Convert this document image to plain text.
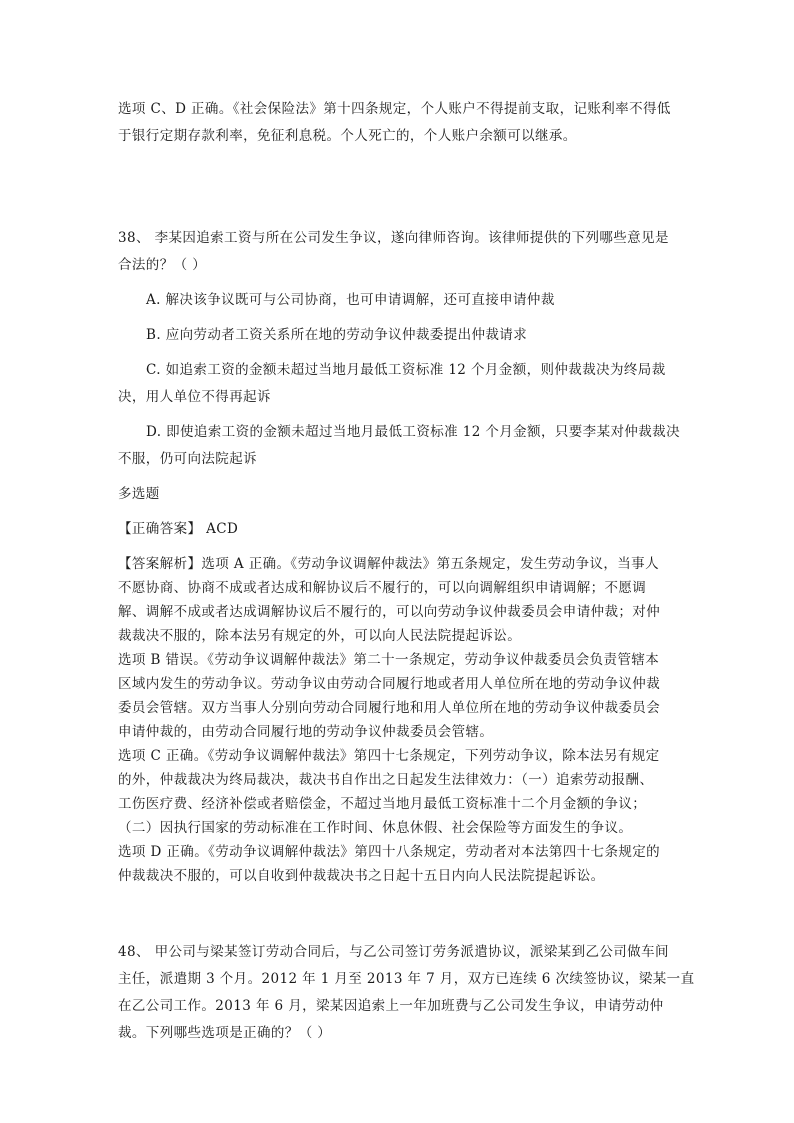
选项 C、D 正确。《社会保险法》第十四条规定，个人账户不得提前支取，记账利率不得低
于银行定期存款利率，免征利息税。个人死亡的，个人账户余额可以继承。
38、 李某因追索工资与所在公司发生争议，遂向律师咨询。该律师提供的下列哪些意见是
合法的？（ ）
A. 解决该争议既可与公司协商，也可申请调解，还可直接申请仲裁
B. 应向劳动者工资关系所在地的劳动争议仲裁委提出仲裁请求
C. 如追索工资的金额未超过当地月最低工资标准 12 个月金额，则仲裁裁决为终局裁
决，用人单位不得再起诉
D. 即使追索工资的金额未超过当地月最低工资标准 12 个月金额，只要李某对仲裁裁决
不服，仍可向法院起诉
多选题
【正确答案】 ACD
【答案解析】选项 A 正确。《劳动争议调解仲裁法》第五条规定，发生劳动争议，当事人
不愿协商、协商不成或者达成和解协议后不履行的，可以向调解组织申请调解；不愿调
解、调解不成或者达成调解协议后不履行的，可以向劳动争议仲裁委员会申请仲裁；对仲
裁裁决不服的，除本法另有规定的外，可以向人民法院提起诉讼。
选项 B 错误。《劳动争议调解仲裁法》第二十一条规定，劳动争议仲裁委员会负责管辖本
区域内发生的劳动争议。劳动争议由劳动合同履行地或者用人单位所在地的劳动争议仲裁
委员会管辖。双方当事人分别向劳动合同履行地和用人单位所在地的劳动争议仲裁委员会
申请仲裁的，由劳动合同履行地的劳动争议仲裁委员会管辖。
选项 C 正确。《劳动争议调解仲裁法》第四十七条规定，下列劳动争议，除本法另有规定
的外，仲裁裁决为终局裁决，裁决书自作出之日起发生法律效力：（一）追索劳动报酬、
工伤医疗费、经济补偿或者赔偿金，不超过当地月最低工资标准十二个月金额的争议；
（二）因执行国家的劳动标准在工作时间、休息休假、社会保险等方面发生的争议。
选项 D 正确。《劳动争议调解仲裁法》第四十八条规定，劳动者对本法第四十七条规定的
仲裁裁决不服的，可以自收到仲裁裁决书之日起十五日内向人民法院提起诉讼。
48、 甲公司与梁某签订劳动合同后，与乙公司签订劳务派遣协议，派梁某到乙公司做车间
主任，派遣期 3 个月。2012 年 1 月至 2013 年 7 月，双方已连续 6 次续签协议，梁某一直
在乙公司工作。2013 年 6 月，梁某因追索上一年加班费与乙公司发生争议，申请劳动仲
裁。下列哪些选项是正确的？（ ）
